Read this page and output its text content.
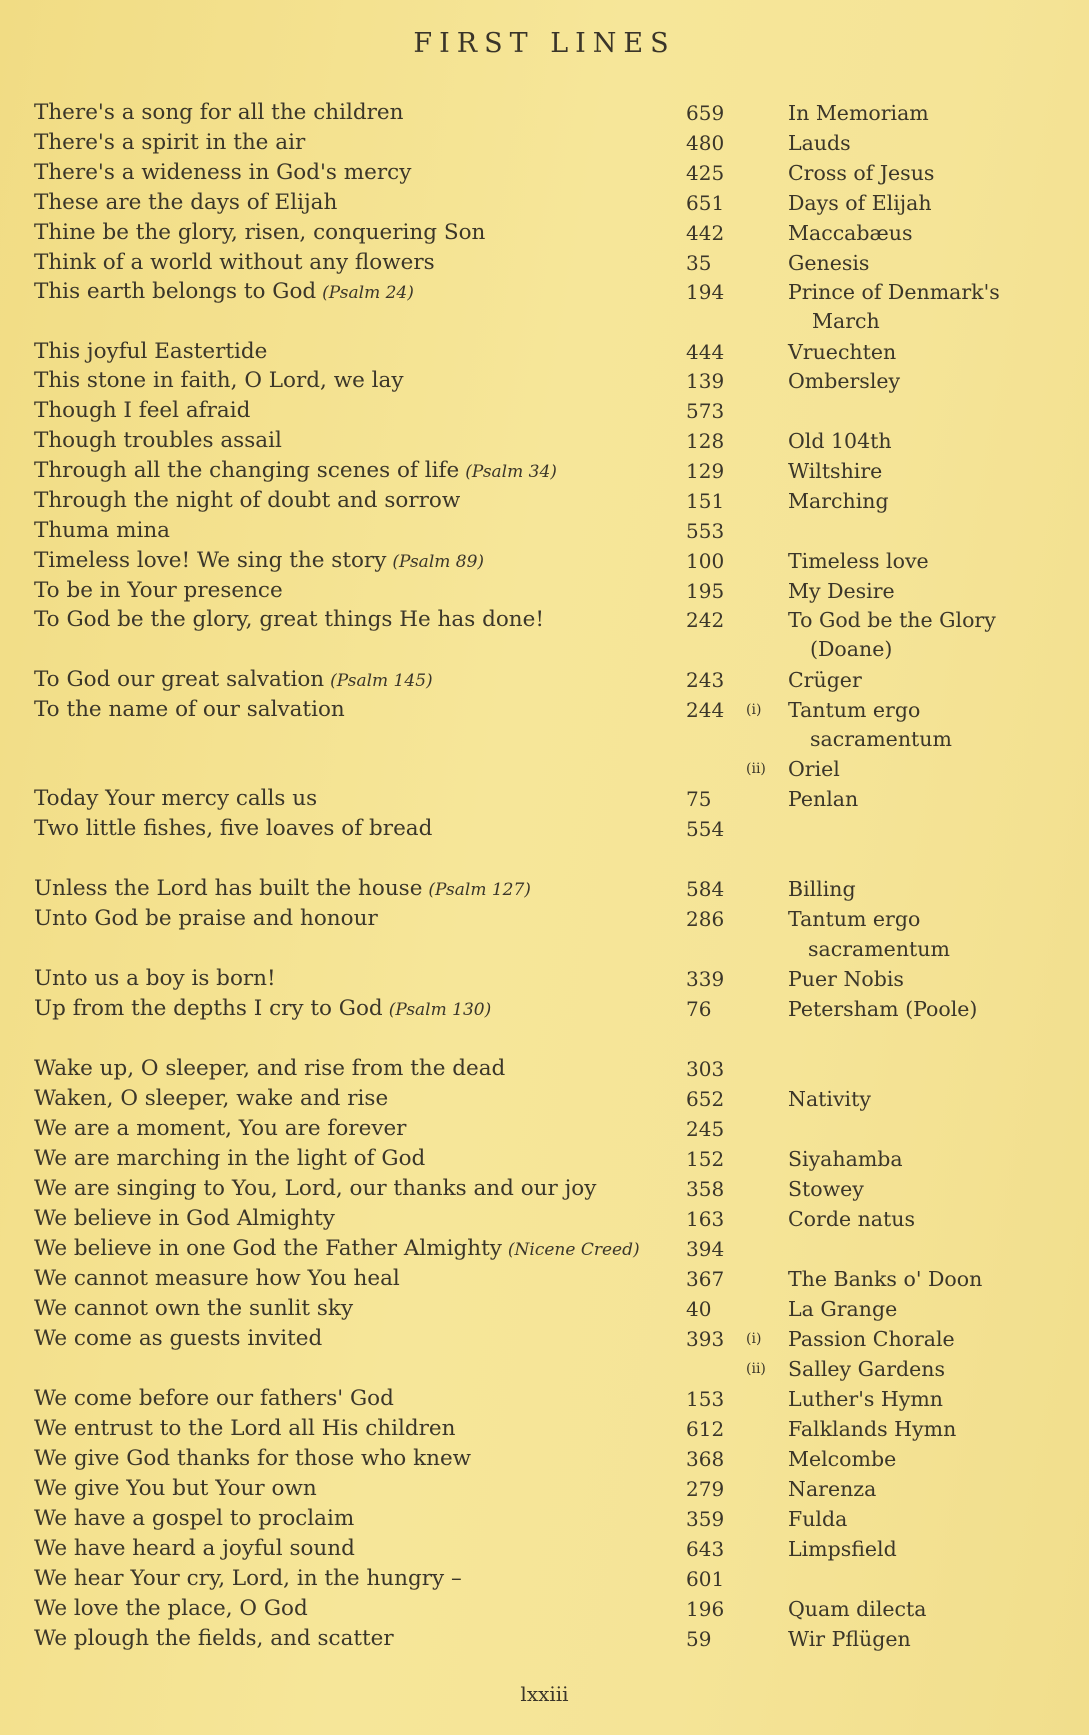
FIRST LINES
There's a song for all the children	659	In Memoriam
There's a spirit in the air	480	Lauds
There's a wideness in God's mercy	425	Cross of Jesus
These are the days of Elijah	651	Days of Elijah
Thine be the glory, risen, conquering Son	442	Maccabæus
Think of a world without any flowers	35	Genesis
This earth belongs to God (Psalm 24)	194	Prince of Denmark's
March
This joyful Eastertide	444	Vruechten
This stone in faith, O Lord, we lay	139	Ombersley
Though I feel afraid	573
Though troubles assail	128	Old 104th
Through all the changing scenes of life (Psalm 34)	129	Wiltshire
Through the night of doubt and sorrow	151	Marching
Thuma mina	553
Timeless love! We sing the story (Psalm 89)	100	Timeless love
To be in Your presence	195	My Desire
To God be the glory, great things He has done!	242	To God be the Glory
(Doane)
To God our great salvation (Psalm 145)	243	Crüger
To the name of our salvation	244 (i) Tantum ergo
sacramentum
(ii) Oriel
Today Your mercy calls us	75	Penlan
Two little fishes, five loaves of bread	554
Unless the Lord has built the house (Psalm 127)	584	Billing
Unto God be praise and honour	286	Tantum ergo
sacramentum
Unto us a boy is born!	339	Puer Nobis
Up from the depths I cry to God (Psalm 130)	76	Petersham (Poole)
Wake up, O sleeper, and rise from the dead	303
Waken, O sleeper, wake and rise	652	Nativity
We are a moment, You are forever	245
We are marching in the light of God	152	Siyahamba
We are singing to You, Lord, our thanks and our joy	358	Stowey
We believe in God Almighty	163	Corde natus
We believe in one God the Father Almighty (Nicene Creed) 394
We cannot measure how You heal	367	The Banks o' Doon
We cannot own the sunlit sky	40	La Grange
We come as guests invited	393 (i) Passion Chorale
(ii) Salley Gardens
We come before our fathers' God	153	Luther's Hymn
We entrust to the Lord all His children	612	Falklands Hymn
We give God thanks for those who knew	368	Melcombe
We give You but Your own	279	Narenza
We have a gospel to proclaim	359	Fulda
We have heard a joyful sound	643	Limpsfield
We hear Your cry, Lord, in the hungry –	601
We love the place, O God	196	Quam dilecta
We plough the fields, and scatter	59	Wir Pflügen
lxxiii
